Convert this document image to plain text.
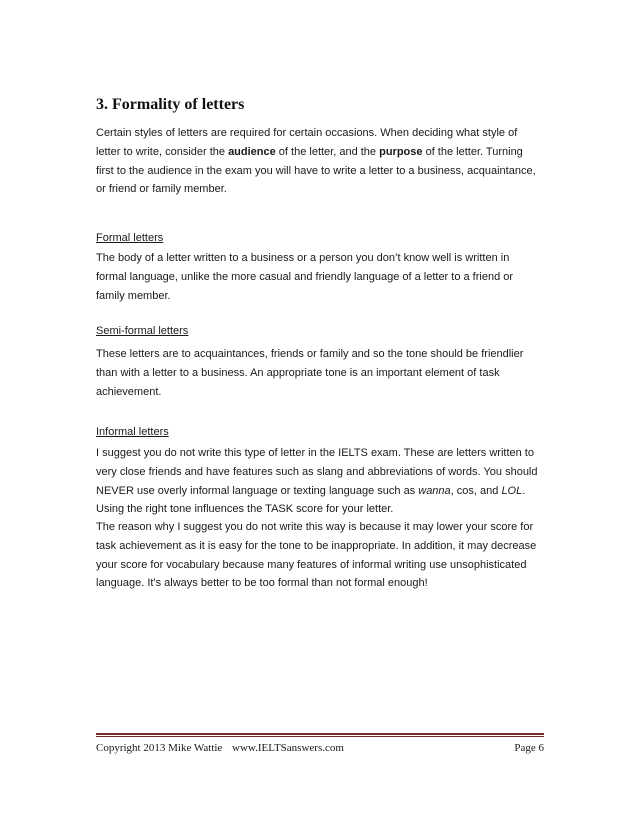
3. Formality of letters

Certain styles of letters are required for certain occasions. When deciding what style of letter to write, consider the audience of the letter, and the purpose of the letter. Turning first to the audience in the exam you will have to write a letter to a business, acquaintance, or friend or family member.

Formal letters

The body of a letter written to a business or a person you don’t know well is written in formal language, unlike the more casual and friendly language of a letter to a friend or family member.

Semi-formal letters

These letters are to acquaintances, friends or family and so the tone should be friendlier than with a letter to a business. An appropriate tone is an important element of task achievement.

Informal letters

I suggest you do not write this type of letter in the IELTS exam. These are letters written to very close friends and have features such as slang and abbreviations of words. You should NEVER use overly informal language or texting language such as wanna, cos, and LOL. Using the right tone influences the TASK score for your letter.

The reason why I suggest you do not write this way is because it may lower your score for task achievement as it is easy for the tone to be inappropriate. In addition, it may decrease your score for vocabulary because many features of informal writing use unsophisticated language. It's always better to be too formal than not formal enough!

Copyright 2013 Mike Wattie www.IELTSanswers.com	Page 6
